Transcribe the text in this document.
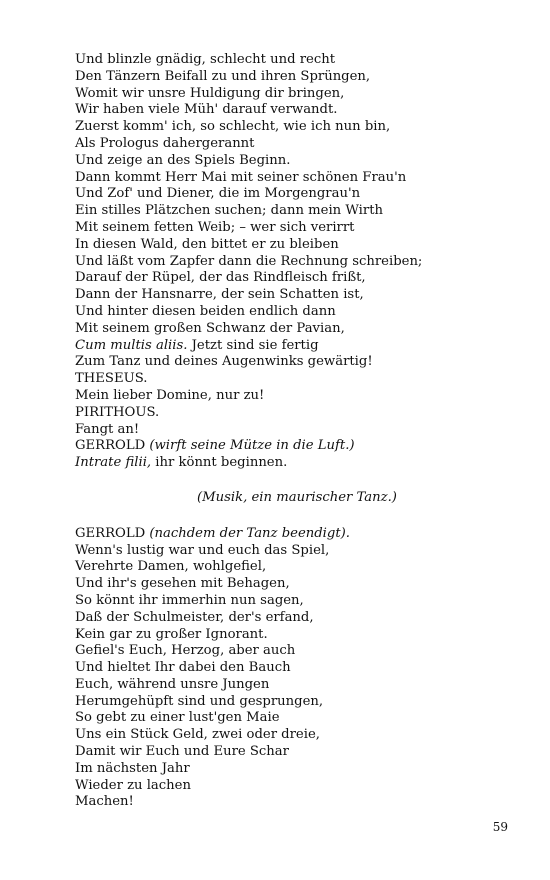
Und blinzle gnädig, schlecht und recht
Den Tänzern Beifall zu und ihren Sprüngen,
Womit wir unsre Huldigung dir bringen,
Wir haben viele Müh' darauf verwandt.
Zuerst komm' ich, so schlecht, wie ich nun bin,
Als Prologus dahergerannt
Und zeige an des Spiels Beginn.
Dann kommt Herr Mai mit seiner schönen Frau'n
Und Zof' und Diener, die im Morgengrau'n
Ein stilles Plätzchen suchen; dann mein Wirth
Mit seinem fetten Weib; – wer sich verirrt
In diesen Wald, den bittet er zu bleiben
Und läßt vom Zapfer dann die Rechnung schreiben;
Darauf der Rüpel, der das Rindfleisch frißt,
Dann der Hansnarre, der sein Schatten ist,
Und hinter diesen beiden endlich dann
Mit seinem großen Schwanz der Pavian,
Cum multis aliis. Jetzt sind sie fertig
Zum Tanz und deines Augenwinks gewärtig!
THESEUS.
Mein lieber Domine, nur zu!
PIRITHOUS.
Fangt an!
GERROLD (wirft seine Mütze in die Luft.)
Intrate filii, ihr könnt beginnen.
(Musik, ein maurischer Tanz.)
GERROLD (nachdem der Tanz beendigt).
Wenn's lustig war und euch das Spiel,
Verehrte Damen, wohlgefiel,
Und ihr's gesehen mit Behagen,
So könnt ihr immerhin nun sagen,
Daß der Schulmeister, der's erfand,
Kein gar zu großer Ignorant.
Gefiel's Euch, Herzog, aber auch
Und hieltet Ihr dabei den Bauch
Euch, während unsre Jungen
Herumgehüpft sind und gesprungen,
So gebt zu einer lust'gen Maie
Uns ein Stück Geld, zwei oder dreie,
Damit wir Euch und Eure Schar
Im nächsten Jahr
Wieder zu lachen
Machen!
59
